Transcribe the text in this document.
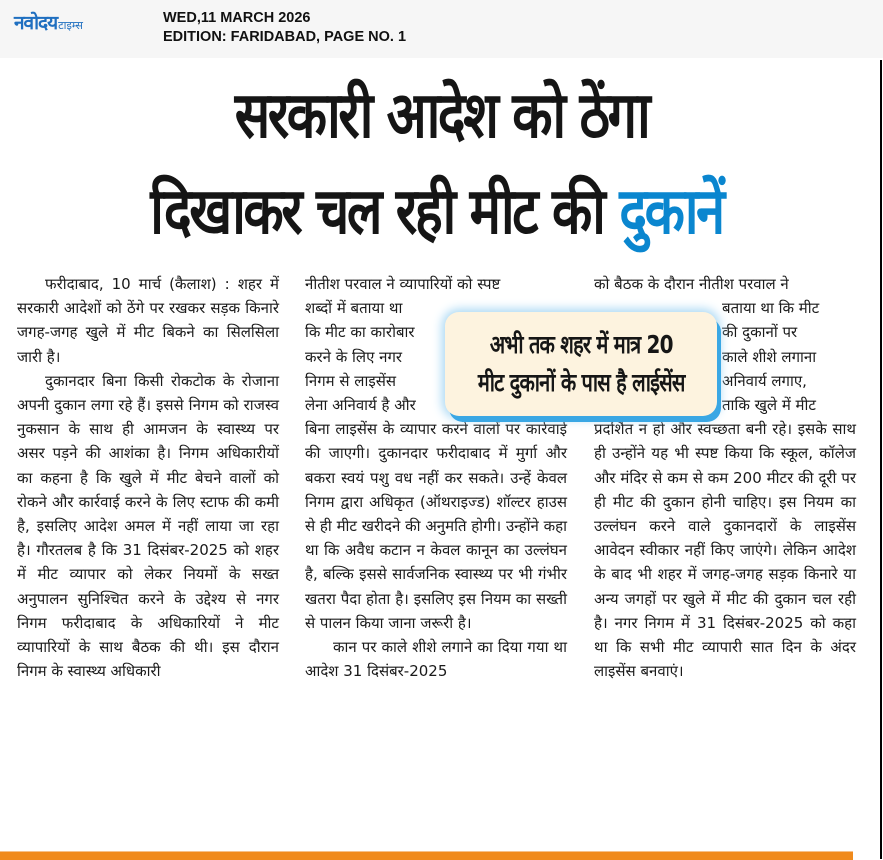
नवोदय टाइम्स	WED,11 MARCH 2026
EDITION: FARIDABAD, PAGE NO. 1
सरकारी आदेश को ठेंगा
दिखाकर चल रही मीट की दुकानें

फरीदाबाद, 10 मार्च (कैलाश) : शहर में सरकारी आदेशों को ठेंगे पर रखकर सड़क किनारे जगह-जगह खुले में मीट बिकने का सिलसिला जारी है।

दुकानदार बिना किसी रोकटोक के रोजाना अपनी दुकान लगा रहे हैं। इससे निगम को राजस्व नुकसान के साथ ही आमजन के स्वास्थ्य पर असर पड़ने की आशंका है। निगम अधिकारीयों का कहना है कि खुले में मीट बेचने वालों को रोकने और कार्रवाई करने के लिए स्टाफ की कमी है, इसलिए आदेश अमल में नहीं लाया जा रहा है। गौरतलब है कि 31 दिसंबर-2025 को शहर में मीट व्यापार को लेकर नियमों के सख्त अनुपालन सुनिश्चित करने के उद्देश्य से नगर निगम फरीदाबाद के अधिकारियों ने मीट व्यापारियों के साथ बैठक की थी। इस दौरान निगम के स्वास्थ्य अधिकारी

नीतीश परवाल ने व्यापारियों को स्पष्ट

शब्दों में बताया था

कि मीट का कारोबार

करने के लिए नगर

निगम से लाइसेंस

लेना अनिवार्य है और

बिना लाइसेंस के व्यापार करने वालों पर कार्रवाई की जाएगी। दुकानदार फरीदाबाद में मुर्गा और बकरा स्वयं पशु वध नहीं कर सकते। उन्हें केवल निगम द्वारा अधिकृत (ऑथराइज्ड) शॉल्टर हाउस से ही मीट खरीदने की अनुमति होगी। उन्होंने कहा था कि अवैध कटान न केवल कानून का उल्लंघन है, बल्कि इससे सार्वजनिक स्वास्थ्य पर भी गंभीर खतरा पैदा होता है। इसलिए इस नियम का सख्ती से पालन किया जाना जरूरी है।

कान पर काले शीशे लगाने का दिया गया था आदेश 31 दिसंबर-2025

को बैठक के दौरान नीतीश परवाल ने

बताया था कि मीट

की दुकानों पर

काले शीशे लगाना

अनिवार्य लगाए,

ताकि खुले में मीट

प्रदर्शित न हो और स्वच्छता बनी रहे। इसके साथ ही उन्होंने यह भी स्पष्ट किया कि स्कूल, कॉलेज और मंदिर से कम से कम 200 मीटर की दूरी पर ही मीट की दुकान होनी चाहिए। इस नियम का उल्लंघन करने वाले दुकानदारों के लाइसेंस आवेदन स्वीकार नहीं किए जाएंगे। लेकिन आदेश के बाद भी शहर में जगह-जगह सड़क किनारे या अन्य जगहों पर खुले में मीट की दुकान चल रही है। नगर निगम में 31 दिसंबर-2025 को कहा था कि सभी मीट व्यापारी सात दिन के अंदर लाइसेंस बनवाएं।

अभी तक शहर में मात्र 20
मीट दुकानों के पास है लाईसेंस
